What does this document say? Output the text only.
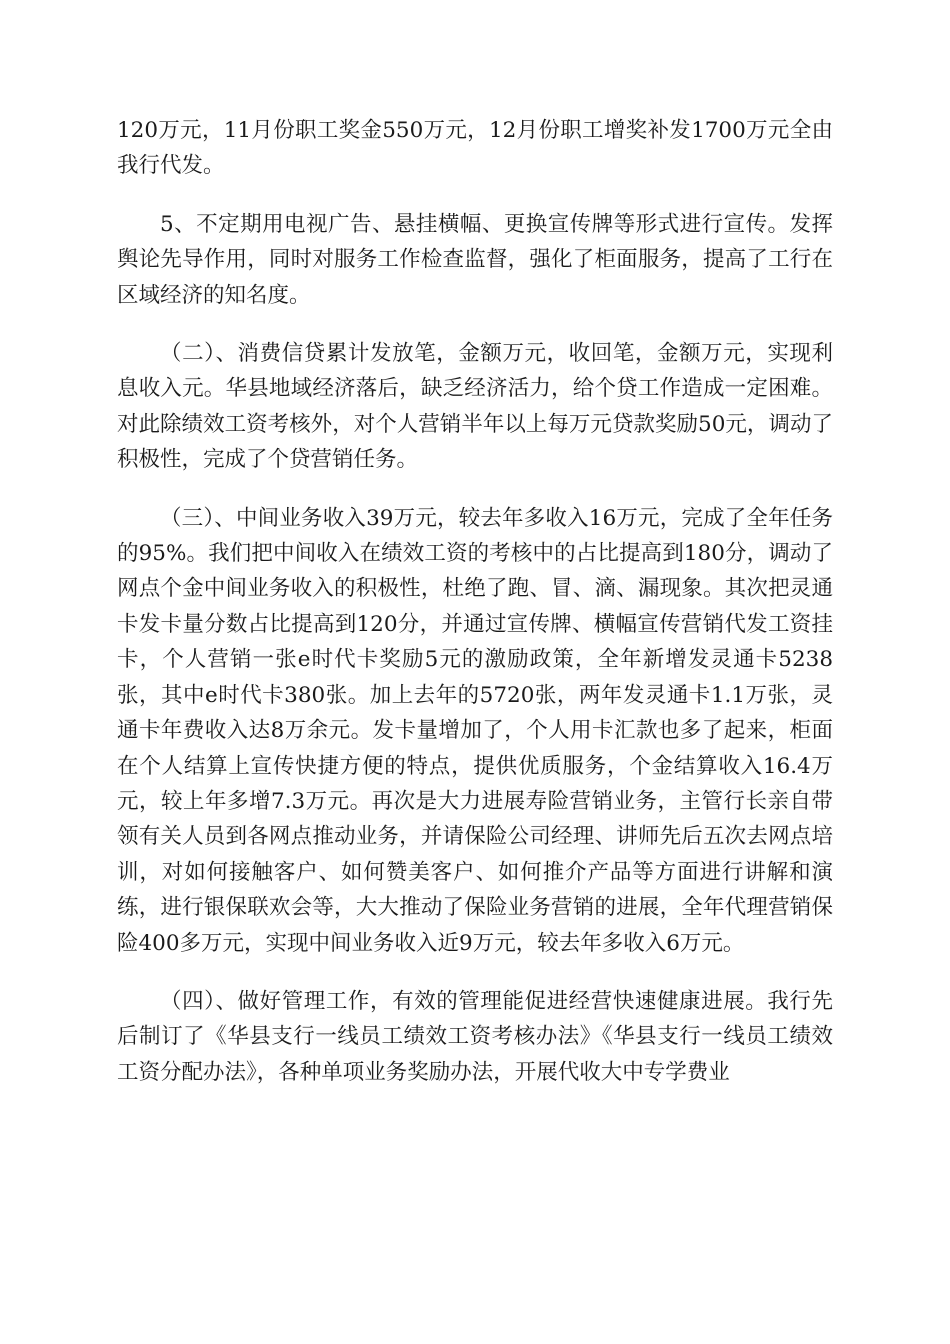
120万元，11月份职工奖金550万元，12月份职工增奖补发1700万元全由我行代发。

5、不定期用电视广告、悬挂横幅、更换宣传牌等形式进行宣传。发挥舆论先导作用，同时对服务工作检查监督，强化了柜面服务，提高了工行在区域经济的知名度。

（二）、消费信贷累计发放笔，金额万元，收回笔，金额万元，实现利息收入元。华县地域经济落后，缺乏经济活力，给个贷工作造成一定困难。对此除绩效工资考核外，对个人营销半年以上每万元贷款奖励50元，调动了积极性，完成了个贷营销任务。

（三）、中间业务收入39万元，较去年多收入16万元，完成了全年任务的95%。我们把中间收入在绩效工资的考核中的占比提高到180分，调动了网点个金中间业务收入的积极性，杜绝了跑、冒、滴、漏现象。其次把灵通卡发卡量分数占比提高到120分，并通过宣传牌、横幅宣传营销代发工资挂卡，个人营销一张e时代卡奖励5元的激励政策，全年新增发灵通卡5238张，其中e时代卡380张。加上去年的5720张，两年发灵通卡1.1万张，灵通卡年费收入达8万余元。发卡量增加了，个人用卡汇款也多了起来，柜面在个人结算上宣传快捷方便的特点，提供优质服务，个金结算收入16.4万元，较上年多增7.3万元。再次是大力进展寿险营销业务，主管行长亲自带领有关人员到各网点推动业务，并请保险公司经理、讲师先后五次去网点培训，对如何接触客户、如何赞美客户、如何推介产品等方面进行讲解和演练，进行银保联欢会等，大大推动了保险业务营销的进展，全年代理营销保险400多万元，实现中间业务收入近9万元，较去年多收入6万元。

（四）、做好管理工作，有效的管理能促进经营快速健康进展。我行先后制订了《华县支行一线员工绩效工资考核办法》《华县支行一线员工绩效工资分配办法》，各种单项业务奖励办法，开展代收大中专学费业
